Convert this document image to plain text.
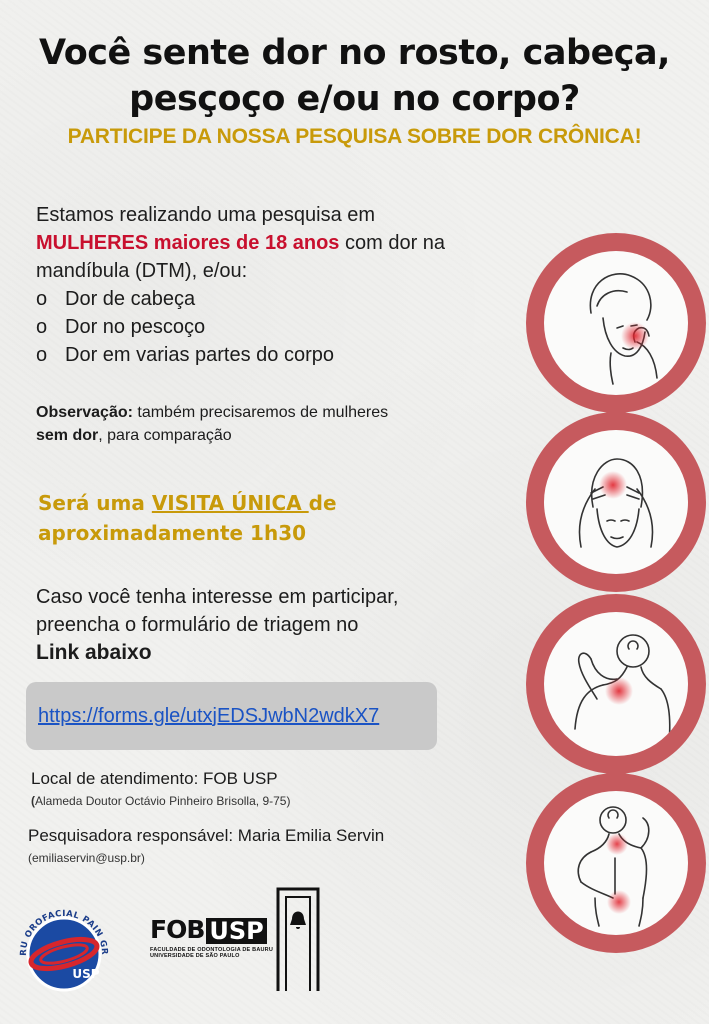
Você sente dor no rosto, cabeça,
pesçoço e/ou no corpo?
PARTICIPE DA NOSSA PESQUISA SOBRE DOR CRÔNICA!
Estamos realizando uma pesquisa em
MULHERES maiores de 18 anos com dor na
mandíbula (DTM), e/ou:
o Dor de cabeça
o Dor no pescoço
o Dor em varias partes do corpo
Observação: também precisaremos de mulheres
sem dor, para comparação
Será uma VISITA ÚNICA de
aproximadamente 1h30
Caso você tenha interesse em participar,
preencha o formulário de triagem no
Link abaixo
https://forms.gle/utxjEDSJwbN2wdkX7
Local de atendimento: FOB USP
(Alameda Doutor Octávio Pinheiro Brisolla, 9-75)
Pesquisadora responsável: Maria Emilia Servin
(emiliaservin@usp.br)
RU OROFACIAL PAIN GR
USP
FOB USP
FACULDADE DE ODONTOLOGIA DE BAURU
UNIVERSIDADE DE SÃO PAULO
